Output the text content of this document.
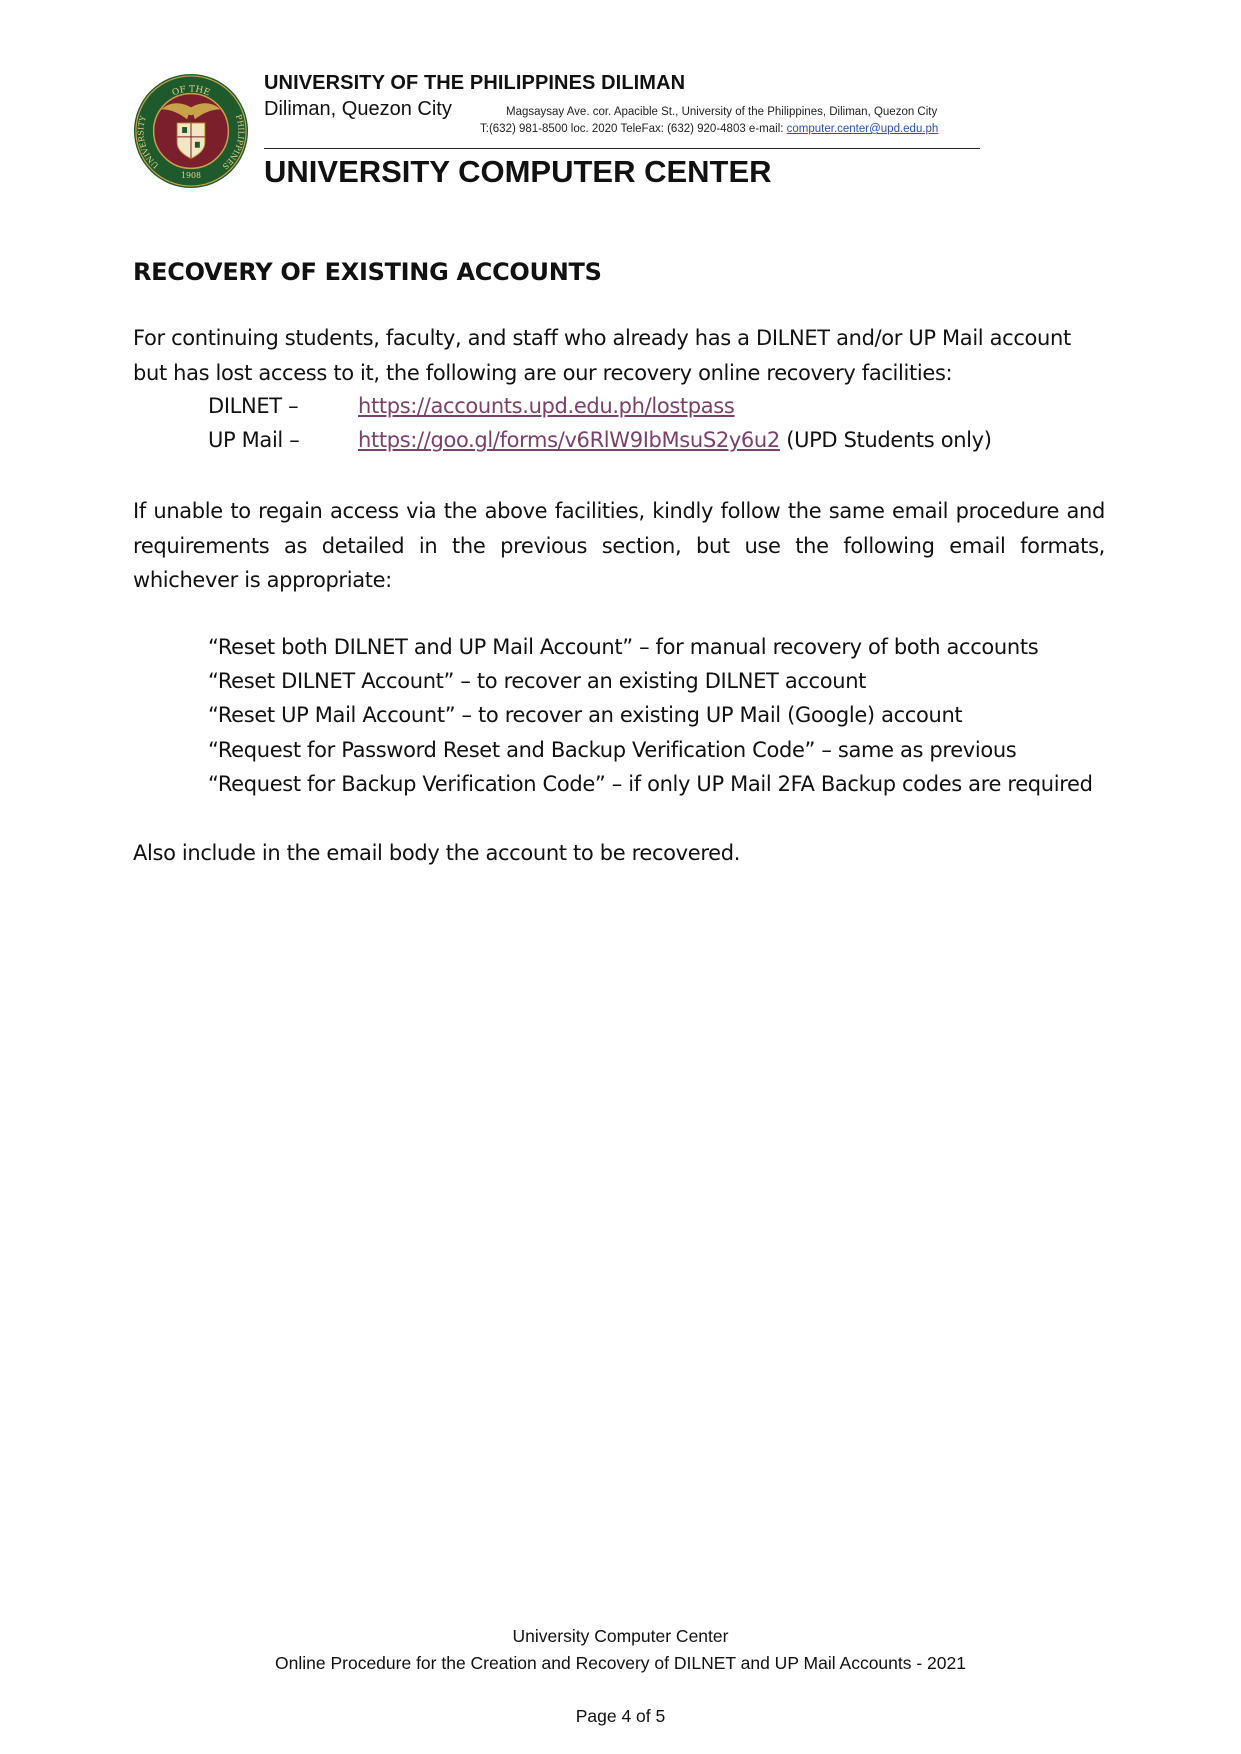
OF THE
UNIVERSITY	PHILIPPINES
1908
UNIVERSITY OF THE PHILIPPINES DILIMAN
Diliman, Quezon City	Magsaysay Ave. cor. Apacible St., University of the Philippines, Diliman, Quezon City
T:(632) 981-8500 loc. 2020 TeleFax: (632) 920-4803 e-mail: computer.center@upd.edu.ph
UNIVERSITY COMPUTER CENTER
RECOVERY OF EXISTING ACCOUNTS
For continuing students, faculty, and staff who already has a DILNET and/or UP Mail account but has lost access to it, the following are our recovery online recovery facilities:
DILNET –	https://accounts.upd.edu.ph/lostpass
UP Mail –	https://goo.gl/forms/v6RlW9IbMsuS2y6u2 (UPD Students only)
If unable to regain access via the above facilities, kindly follow the same email procedure and requirements as detailed in the previous section, but use the following email formats, whichever is appropriate:
“Reset both DILNET and UP Mail Account” – for manual recovery of both accounts
“Reset DILNET Account” – to recover an existing DILNET account
“Reset UP Mail Account” – to recover an existing UP Mail (Google) account
“Request for Password Reset and Backup Verification Code” – same as previous
“Request for Backup Verification Code” – if only UP Mail 2FA Backup codes are required
Also include in the email body the account to be recovered.
University Computer Center
Online Procedure for the Creation and Recovery of DILNET and UP Mail Accounts - 2021
Page 4 of 5
